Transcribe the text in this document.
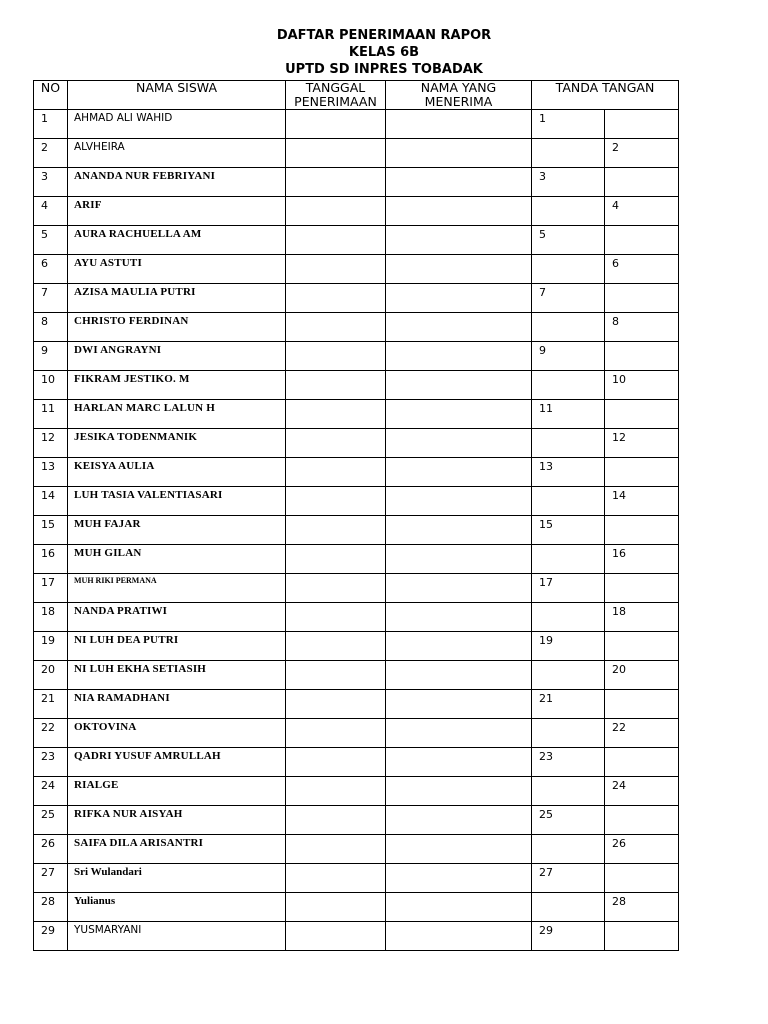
DAFTAR PENERIMAAN RAPOR
KELAS 6B
UPTD SD INPRES TOBADAK
NO	NAMA SISWA	TANGGAL PENERIMAAN	NAMA YANG MENERIMA	TANDA TANGAN	
1	AHMAD ALI WAHID			1	
2	ALVHEIRA				2
3	ANANDA NUR FEBRIYANI			3	
4	ARIF				4
5	AURA RACHUELLA AM			5	
6	AYU ASTUTI				6
7	AZISA MAULIA PUTRI			7	
8	CHRISTO FERDINAN				8
9	DWI ANGRAYNI			9	
10	FIKRAM JESTIKO. M				10
11	HARLAN MARC LALUN H			11	
12	JESIKA TODENMANIK				12
13	KEISYA AULIA			13	
14	LUH TASIA VALENTIASARI				14
15	MUH FAJAR			15	
16	MUH GILAN				16
17	MUH RIKI PERMANA			17	
18	NANDA PRATIWI				18
19	NI LUH DEA PUTRI			19	
20	NI LUH EKHA SETIASIH				20
21	NIA RAMADHANI			21	
22	OKTOVINA				22
23	QADRI YUSUF AMRULLAH			23	
24	RIALGE				24
25	RIFKA NUR AISYAH			25	
26	SAIFA DILA ARISANTRI				26
27	Sri Wulandari			27	
28	Yulianus				28
29	YUSMARYANI			29	
